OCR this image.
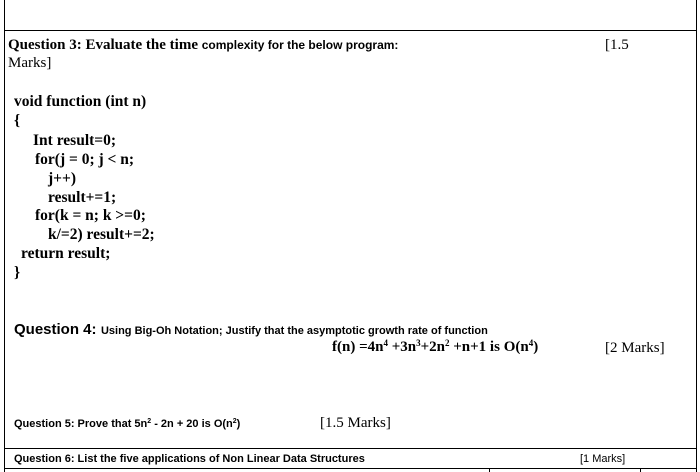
Question 3: Evaluate the time complexity for the below program:	[1.5
Marks]
void function (int n)
{
Int result=0;
for(j = 0; j < n;
j++)
result+=1;
for(k = n; k >=0;
k/=2) result+=2;
return result;
}
Question 4: Using Big-Oh Notation; Justify that the asymptotic growth rate of function
$f(n) =4n^4 +3n^3+2n^2 +n+1$ is $O(n^4)$	[2 Marks]
Question 5: Prove that $5n^2 - 2n + 20$ is $O(n^2)$	[1.5 Marks]
Question 6: List the five applications of Non Linear Data Structures	[1 Marks]
